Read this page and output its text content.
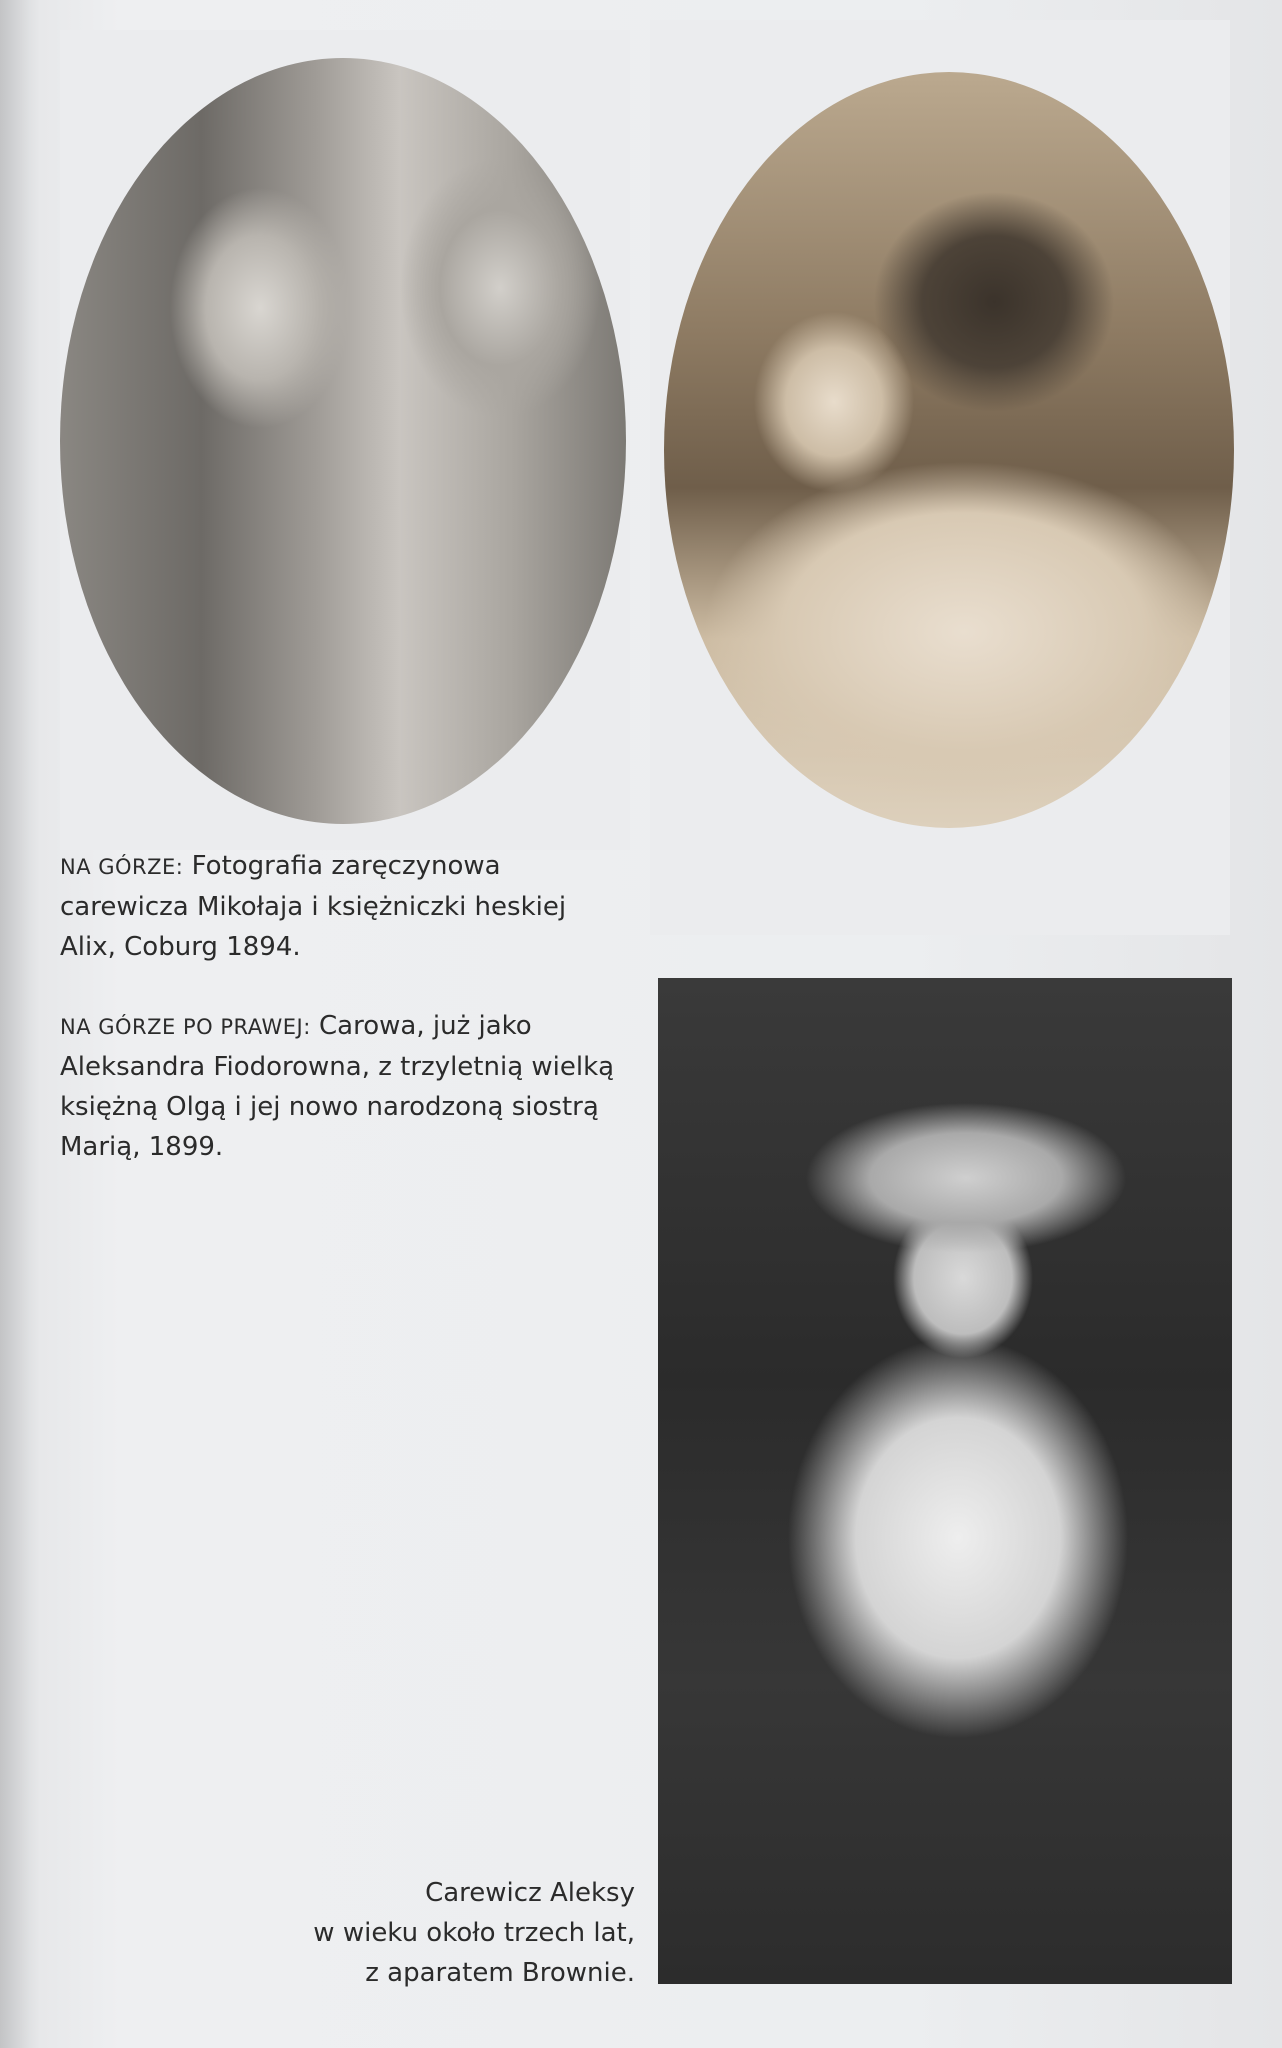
NA GÓRZE: Fotografia zaręczynowa
carewicza Mikołaja i księżniczki heskiej
Alix, Coburg 1894.

NA GÓRZE PO PRAWEJ: Carowa, już jako
Aleksandra Fiodorowna, z trzyletnią wielką
księżną Olgą i jej nowo narodzoną siostrą
Marią, 1899.

Carewicz Aleksy
w wieku około trzech lat,
z aparatem Brownie.
